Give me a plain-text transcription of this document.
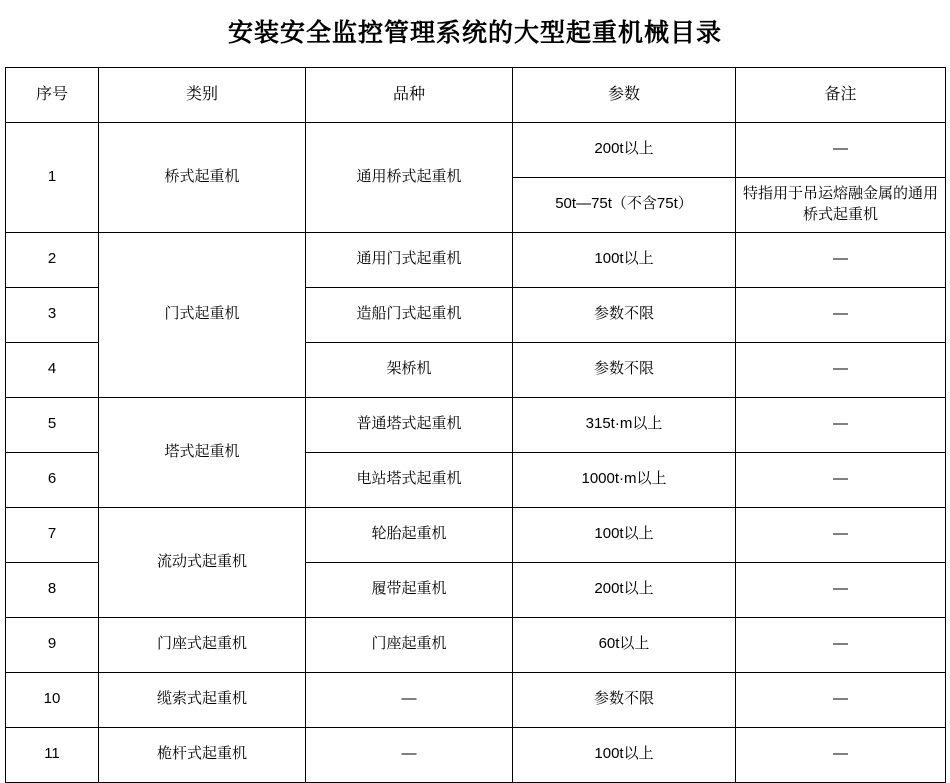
安装安全监控管理系统的大型起重机械目录
序号	类别	品种	参数	备注
1	桥式起重机	通用桥式起重机	200t以上	—
			50t—75t（不含75t）	特指用于吊运熔融金属的通用桥式起重机
2	门式起重机	通用门式起重机	100t以上	—
3		造船门式起重机	参数不限	—
4		架桥机	参数不限	—
5	塔式起重机	普通塔式起重机	315t·m以上	—
6		电站塔式起重机	1000t·m以上	—
7	流动式起重机	轮胎起重机	100t以上	—
8		履带起重机	200t以上	—
9	门座式起重机	门座起重机	60t以上	—
10	缆索式起重机	—	参数不限	—
11	桅杆式起重机	—	100t以上	—
